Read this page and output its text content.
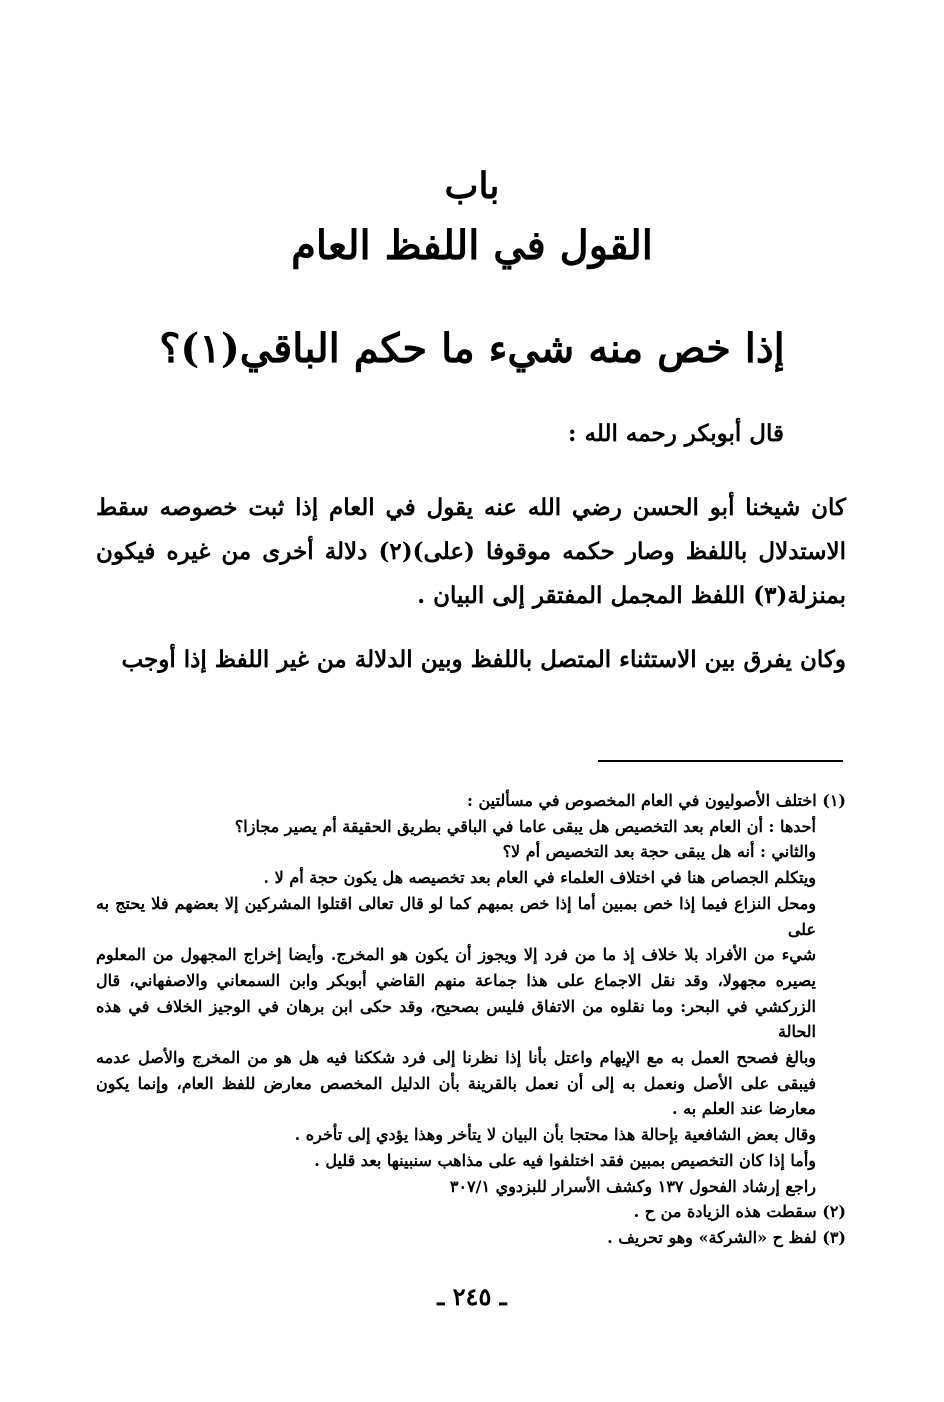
باب
القول في اللفظ العام
إذا خص منه شيء ما حكم الباقي(١)؟
قال أبوبكر رحمه الله :
كان شيخنا أبو الحسن رضي الله عنه يقول في العام إذا ثبت خصوصه سقط الاستدلال باللفظ وصار حكمه موقوفا (على)(٢) دلالة أخرى من غيره فيكون بمنزلة(٣) اللفظ المجمل المفتقر إلى البيان .
وكان يفرق بين الاستثناء المتصل باللفظ وبين الدلالة من غير اللفظ إذا أوجب
(١) اختلف الأصوليون في العام المخصوص في مسألتين :
أحدها : أن العام بعد التخصيص هل يبقى عاما في الباقي بطريق الحقيقة أم يصير مجازا؟
والثاني : أنه هل يبقى حجة بعد التخصيص أم لا؟
ويتكلم الجصاص هنا في اختلاف العلماء في العام بعد تخصيصه هل يكون حجة أم لا .
ومحل النزاع فيما إذا خص بمبين أما إذا خص بمبهم كما لو قال تعالى اقتلوا المشركين إلا بعضهم فلا يحتج به على
شيء من الأفراد بلا خلاف إذ ما من فرد إلا ويجوز أن يكون هو المخرج. وأيضا إخراج المجهول من المعلوم
يصيره مجهولا، وقد نقل الاجماع على هذا جماعة منهم القاضي أبوبكر وابن السمعاني والاصفهاني، قال
الزركشي في البحر: وما نقلوه من الاتفاق فليس بصحيح، وقد حكى ابن برهان في الوجيز الخلاف في هذه الحالة
وبالغ فصحح العمل به مع الإيهام واعتل بأنا إذا نظرنا إلى فرد شككنا فيه هل هو من المخرج والأصل عدمه
فيبقى على الأصل ونعمل به إلى أن نعمل بالقرينة بأن الدليل المخصص معارض للفظ العام، وإنما يكون
معارضا عند العلم به .
وقال بعض الشافعية بإحالة هذا محتجا بأن البيان لا يتأخر وهذا يؤدي إلى تأخره .
وأما إذا كان التخصيص بمبين فقد اختلفوا فيه على مذاهب سنبينها بعد قليل .
راجع إرشاد الفحول ١٣٧ وكشف الأسرار للبزدوي ٣٠٧/١
(٢) سقطت هذه الزيادة من ح .
(٣) لفظ ح «الشركة» وهو تحريف .
ـ ٢٤٥ ـ
